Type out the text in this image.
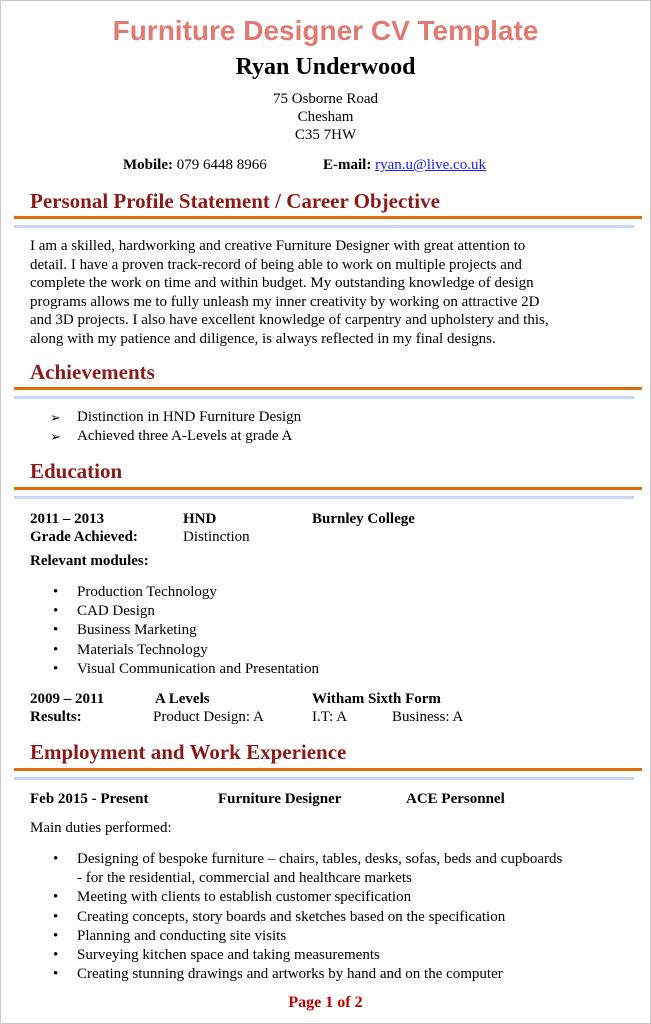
Furniture Designer CV Template
Ryan Underwood
75 Osborne Road
Chesham
C35 7HW
Mobile: 079 6448 8966	E-mail: ryan.u@live.co.uk
Personal Profile Statement / Career Objective
I am a skilled, hardworking and creative Furniture Designer with great attention to
detail. I have a proven track-record of being able to work on multiple projects and
complete the work on time and within budget. My outstanding knowledge of design
programs allows me to fully unleash my inner creativity by working on attractive 2D
and 3D projects. I also have excellent knowledge of carpentry and upholstery and this,
along with my patience and diligence, is always reflected in my final designs.
Achievements
➢ Distinction in HND Furniture Design
➢ Achieved three A-Levels at grade A
Education
2011 – 2013	HND	Burnley College
Grade Achieved:	Distinction
Relevant modules:
• Production Technology
• CAD Design
• Business Marketing
• Materials Technology
• Visual Communication and Presentation
2009 – 2011	A Levels	Witham Sixth Form
Results:	Product Design: A	I.T: A	Business: A
Employment and Work Experience
Feb 2015 - Present	Furniture Designer	ACE Personnel
Main duties performed:
• Designing of bespoke furniture – chairs, tables, desks, sofas, beds and cupboards
- for the residential, commercial and healthcare markets
• Meeting with clients to establish customer specification
• Creating concepts, story boards and sketches based on the specification
• Planning and conducting site visits
• Surveying kitchen space and taking measurements
• Creating stunning drawings and artworks by hand and on the computer
Page 1 of 2
